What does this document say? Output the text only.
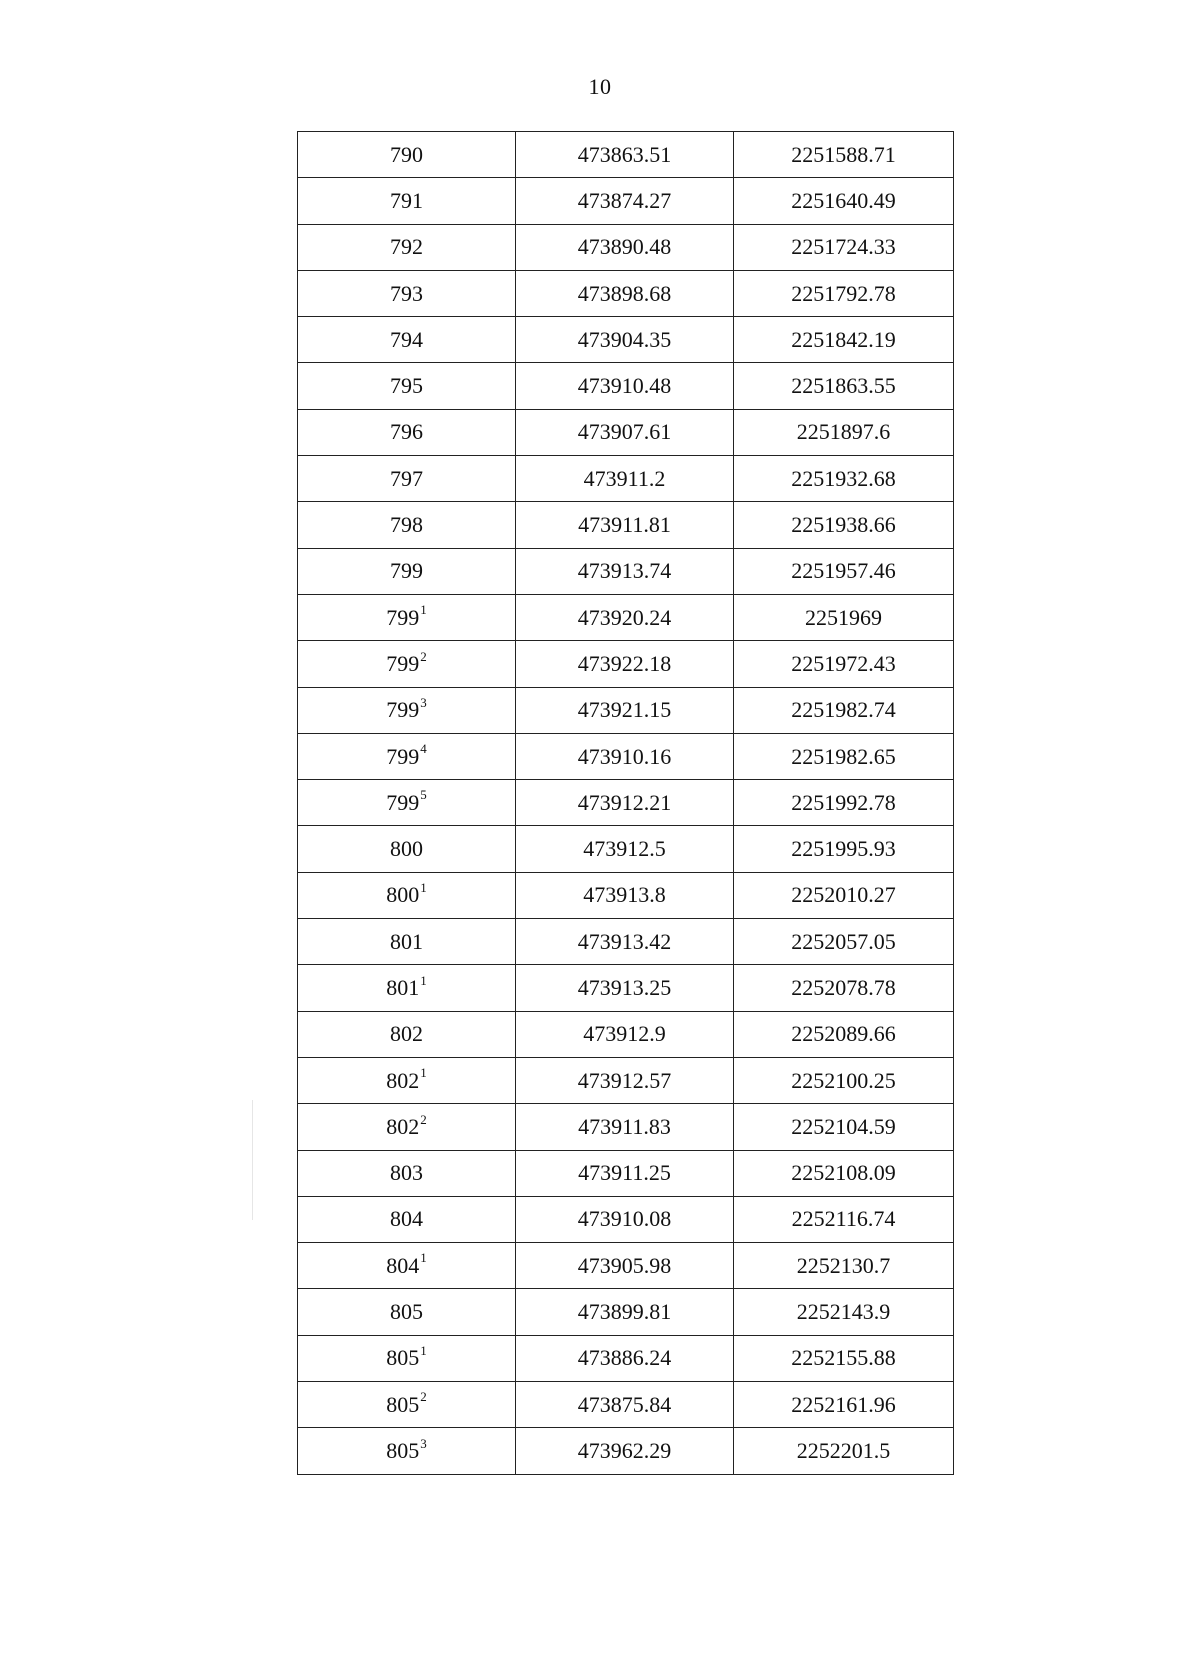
10
790	473863.51	2251588.71
791	473874.27	2251640.49
792	473890.48	2251724.33
793	473898.68	2251792.78
794	473904.35	2251842.19
795	473910.48	2251863.55
796	473907.61	2251897.6
797	473911.2	2251932.68
798	473911.81	2251938.66
799	473913.74	2251957.46
$799^1$	473920.24	2251969
$799^2$	473922.18	2251972.43
$799^3$	473921.15	2251982.74
$799^4$	473910.16	2251982.65
$799^5$	473912.21	2251992.78
800	473912.5	2251995.93
$800^1$	473913.8	2252010.27
801	473913.42	2252057.05
$801^1$	473913.25	2252078.78
802	473912.9	2252089.66
$802^1$	473912.57	2252100.25
$802^2$	473911.83	2252104.59
803	473911.25	2252108.09
804	473910.08	2252116.74
$804^1$	473905.98	2252130.7
805	473899.81	2252143.9
$805^1$	473886.24	2252155.88
$805^2$	473875.84	2252161.96
$805^3$	473962.29	2252201.5
